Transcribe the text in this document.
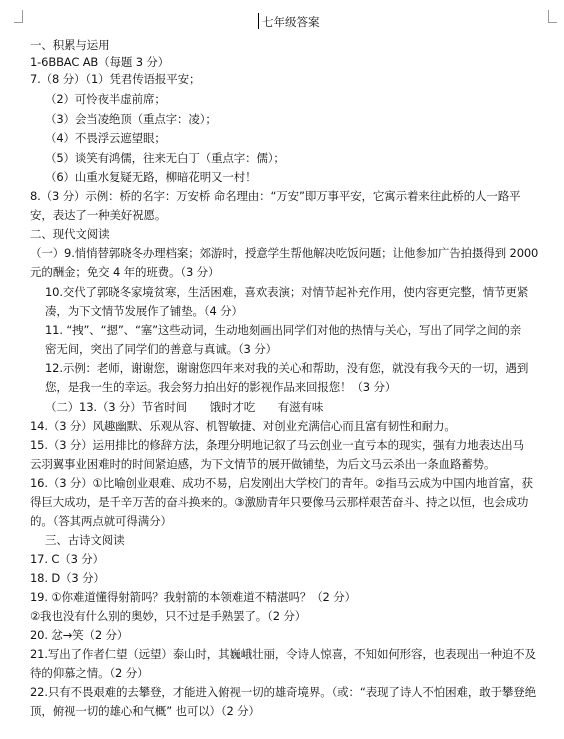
七年级答案
一、积累与运用
1-6BBAC AB（每题 3 分）
7.（8 分）（1）凭君传语报平安；
（2）可怜夜半虚前席；
（3）会当凌绝顶（重点字：凌）；
（4）不畏浮云遮望眼；
（5）谈笑有鸿儒，往来无白丁（重点字：儒）；
（6）山重水复疑无路，柳暗花明又一村！
8.（3 分）示例：桥的名字：万安桥 命名理由：“万安”即万事平安，它寓示着来往此桥的人一路平
安，表达了一种美好祝愿。
二、现代文阅读
（一）9.悄悄替郭晓冬办理档案；郊游时，授意学生帮他解决吃饭问题；让他参加广告拍摄得到 2000
元的酬金；免交 4 年的班费。（3 分）
10.交代了郭晓冬家境贫寒，生活困难，喜欢表演；对情节起补充作用，使内容更完整，情节更紧
凑，为下文情节发展作了铺垫。（4 分）
11. “拽”、“摁”、“塞”这些动词，生动地刻画出同学们对他的热情与关心，写出了同学之间的亲
密无间，突出了同学们的善意与真诚。（3 分）
12.示例：老师，谢谢您，谢谢您四年来对我的关心和帮助，没有您，就没有我今天的一切，遇到
您，是我一生的幸运。我会努力拍出好的影视作品来回报您！（3 分）
（二）13.（3 分）节省时间　　饿时才吃　　有滋有味
14.（3 分）风趣幽默、乐观从容、机智敏捷、对创业充满信心而且富有韧性和耐力。
15.（3 分）运用排比的修辞方法，条理分明地记叙了马云创业一直亏本的现实，强有力地表达出马
云羽翼事业困难时的时间紧迫感，为下文情节的展开做铺垫，为后文马云杀出一条血路蓄势。
16.（3 分）①比喻创业艰难、成功不易，启发刚出大学校门的青年。②指马云成为中国内地首富，获
得巨大成功，是千辛万苦的奋斗换来的。③激励青年只要像马云那样艰苦奋斗、持之以恒，也会成功
的。（答其两点就可得满分）
三、古诗文阅读
17. C（3 分）
18. D（3 分）
19. ①你难道懂得射箭吗？我射箭的本领难道不精湛吗？（2 分）
②我也没有什么别的奥妙，只不过是手熟罢了。（2 分）
20. 忿→笑（2 分）
21.写出了作者仁望（远望）泰山时，其巍峨壮丽，令诗人惊喜，不知如何形容，也表现出一种迫不及
待的仰慕之情。（2 分）
22.只有不畏艰难的去攀登，才能进入俯视一切的雄奇境界。（或：“表现了诗人不怕困难，敢于攀登绝
顶，俯视一切的雄心和气概” 也可以）（2 分）
